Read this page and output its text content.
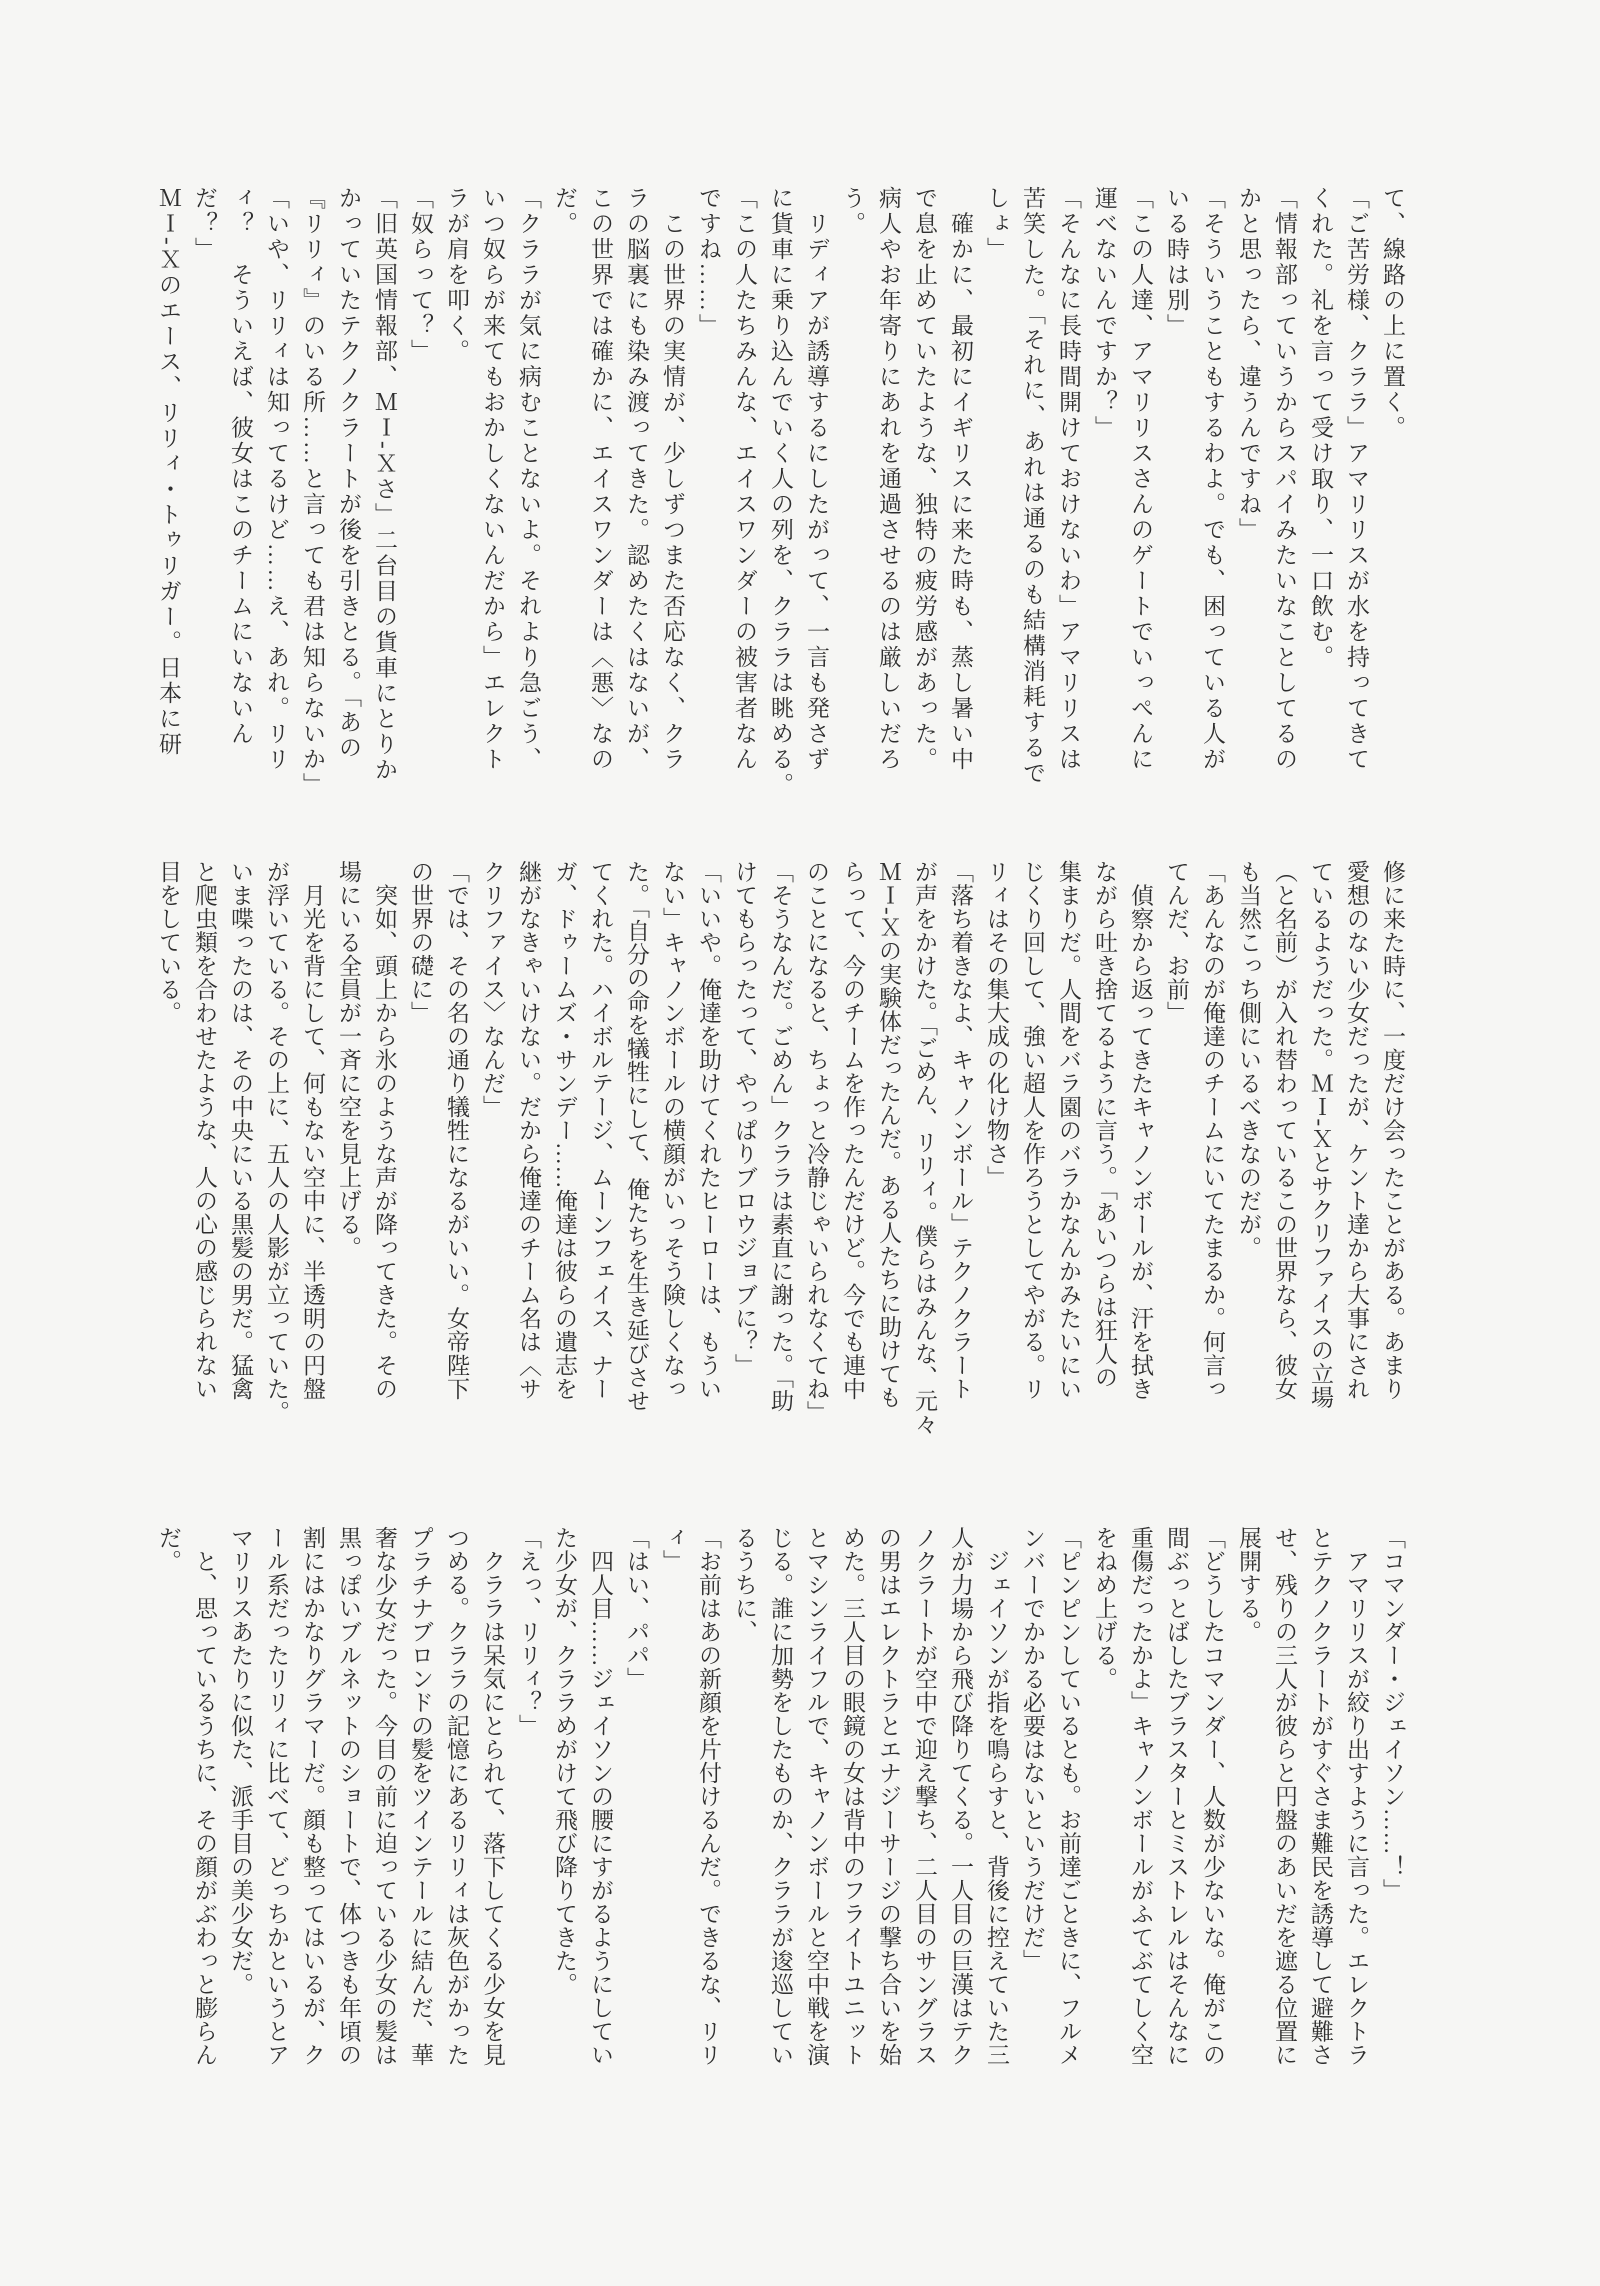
て、線路の上に置く。
「ご苦労様、クララ」アマリリスが水を持ってきて
くれた。礼を言って受け取り、一口飲む。
「情報部っていうからスパイみたいなことしてるの
かと思ったら、違うんですね」
「そういうこともするわよ。でも、困っている人が
いる時は別」
「この人達、アマリリスさんのゲートでいっぺんに
運べないんですか？」
「そんなに長時間開けておけないわ」アマリリスは
苦笑した。「それに、あれは通るのも結構消耗するで
しょ」
　確かに、最初にイギリスに来た時も、蒸し暑い中
で息を止めていたような、独特の疲労感があった。
病人やお年寄りにあれを通過させるのは厳しいだろ
う。
　リディアが誘導するにしたがって、一言も発さず
に貨車に乗り込んでいく人の列を、クララは眺める。
「この人たちみんな、エイスワンダーの被害者なん
ですね……」
　この世界の実情が、少しずつまた否応なく、クラ
ラの脳裏にも染み渡ってきた。認めたくはないが、
この世界では確かに、エイスワンダーは〈悪〉なの
だ。
「クララが気に病むことないよ。それより急ごう、
いつ奴らが来てもおかしくないんだから」エレクト
ラが肩を叩く。
「奴らって？」
「旧英国情報部、ＭＩ‐Ｘさ」二台目の貨車にとりか
かっていたテクノクラートが後を引きとる。「あの
『リリィ』のいる所……と言っても君は知らないか」
「いや、リリィは知ってるけど……え、あれ。リリ
ィ？　そういえば、彼女はこのチームにいないん
だ？」
ＭＩ‐Ｘのエース、リリィ・トゥリガー。日本に研
修に来た時に、一度だけ会ったことがある。あまり
愛想のない少女だったが、ケント達から大事にされ
ているようだった。ＭＩ‐Ｘとサクリファイスの立場
（と名前）が入れ替わっているこの世界なら、彼女
も当然こっち側にいるべきなのだが。
「あんなのが俺達のチームにいてたまるか。何言っ
てんだ、お前」
　偵察から返ってきたキャノンボールが、汗を拭き
ながら吐き捨てるように言う。「あいつらは狂人の
集まりだ。人間をバラ園のバラかなんかみたいにい
じくり回して、強い超人を作ろうとしてやがる。リ
リィはその集大成の化け物さ」
「落ち着きなよ、キャノンボール」テクノクラート
が声をかけた。「ごめん、リリィ。僕らはみんな、元々
ＭＩ‐Ｘの実験体だったんだ。ある人たちに助けても
らって、今のチームを作ったんだけど。今でも連中
のことになると、ちょっと冷静じゃいられなくてね」
「そうなんだ。ごめん」クララは素直に謝った。「助
けてもらったって、やっぱりブロウジョブに？」
「いいや。俺達を助けてくれたヒーローは、もうい
ない」キャノンボールの横顔がいっそう険しくなっ
た。「自分の命を犠牲にして、俺たちを生き延びさせ
てくれた。ハイボルテージ、ムーンフェイス、ナー
ガ、ドゥームズ・サンデー……俺達は彼らの遺志を
継がなきゃいけない。だから俺達のチーム名は〈サ
クリファイス〉なんだ」
「では、その名の通り犠牲になるがいい。女帝陛下
の世界の礎に」
　突如、頭上から氷のような声が降ってきた。その
場にいる全員が一斉に空を見上げる。
　月光を背にして、何もない空中に、半透明の円盤
が浮いている。その上に、五人の人影が立っていた。
いま喋ったのは、その中央にいる黒髪の男だ。猛禽
と爬虫類を合わせたような、人の心の感じられない
目をしている。
「コマンダー・ジェイソン……！」
　アマリリスが絞り出すように言った。エレクトラ
とテクノクラートがすぐさま難民を誘導して避難さ
せ、残りの三人が彼らと円盤のあいだを遮る位置に
展開する。
「どうしたコマンダー、人数が少ないな。俺がこの
間ぶっとばしたブラスターとミストレルはそんなに
重傷だったかよ」キャノンボールがふてぶてしく空
をねめ上げる。
「ピンピンしているとも。お前達ごときに、フルメ
ンバーでかかる必要はないというだけだ」
　ジェイソンが指を鳴らすと、背後に控えていた三
人が力場から飛び降りてくる。一人目の巨漢はテク
ノクラートが空中で迎え撃ち、二人目のサングラス
の男はエレクトラとエナジーサージの撃ち合いを始
めた。三人目の眼鏡の女は背中のフライトユニット
とマシンライフルで、キャノンボールと空中戦を演
じる。誰に加勢をしたものか、クララが逡巡してい
るうちに、
「お前はあの新顔を片付けるんだ。できるな、リリ
ィ」
「はい、パパ」
　四人目……ジェイソンの腰にすがるようにしてい
た少女が、クララめがけて飛び降りてきた。
「えっ、リリィ？」
　クララは呆気にとられて、落下してくる少女を見
つめる。クララの記憶にあるリリィは灰色がかった
プラチナブロンドの髪をツインテールに結んだ、華
奢な少女だった。今目の前に迫っている少女の髪は
黒っぽいブルネットのショートで、体つきも年頃の
割にはかなりグラマーだ。顔も整ってはいるが、ク
ール系だったリリィに比べて、どっちかというとア
マリリスあたりに似た、派手目の美少女だ。
　と、思っているうちに、その顔がぶわっと膨らん
だ。
